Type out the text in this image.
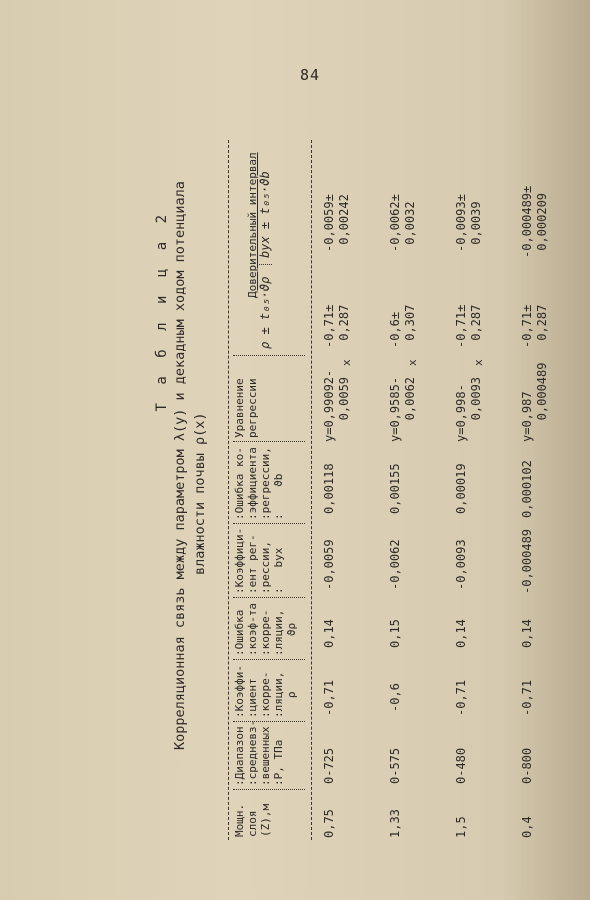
84
Т а б л и ц а 2 Корреляционная связь между параметром λ(у) и декадным ходом потенциала влажности почвы ρ(x)
Мощн.
слоя
(Z),м
:Диапазон
:средневз-
:вешенных
:P, ТПа
:Коэффи-
:циент
:корре-
:ляции,
ρ
:Ошибка
:коэф-та
:корре-
:ляции,
ϑρ
:Коэффици-
:ент рег-
:рессии,
:   byx
:Ошибка ко-
:эффициента
:регрессии,
:    ϑb
Уравнение
регрессии

Доверительный интервал

ρ ± t₀₅·ϑρ

byx ± t₀₅·ϑb

0,75
0-725
-0,71
0,14
-0,0059
0,00118
y=0,99092-
0,0059
x
-0,71±
0,287
-0,0059±
0,00242
1,33
0-575
-0,6
0,15
-0,0062
0,00155
y=0,9585-
0,0062
x
-0,6±
0,307
-0,0062±
0,0032
1,5
0-480
-0,71
0,14
-0,0093
0,00019
y=0,998-
0,0093
x
-0,71±
0,287
-0,0093±
0,0039
0,4
0-800
-0,71
0,14
-0,000489
0,000102
y=0,987
0,000489
-0,71±
0,287
-0,000489±
0,000209
